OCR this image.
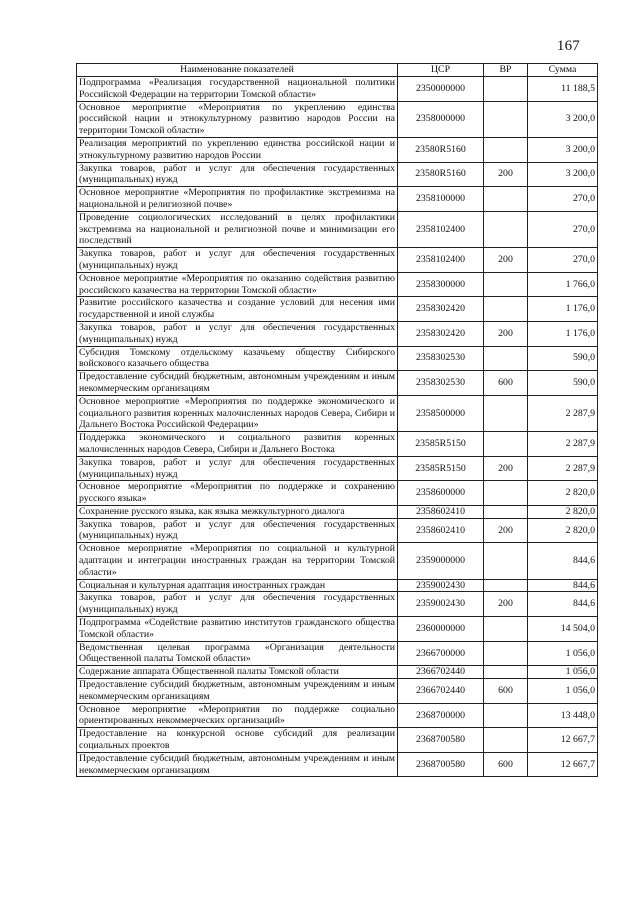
167
Наименование показателей	ЦСР	ВР	Сумма
Подпрограмма «Реализация государственной национальной политики Российской Федерации на территории Томской области»	2350000000		11 188,5
Основное мероприятие «Мероприятия по укреплению единства российской нации и этнокультурному развитию народов России на территории Томской области»	2358000000		3 200,0
Реализация мероприятий по укреплению единства российской нации и этнокультурному развитию народов России	23580R5160		3 200,0
Закупка товаров, работ и услуг для обеспечения государственных (муниципальных) нужд	23580R5160	200	3 200,0
Основное мероприятие «Мероприятия по профилактике экстремизма на национальной и религиозной почве»	2358100000		270,0
Проведение социологических исследований в целях профилактики экстремизма на национальной и религиозной почве и минимизации его последствий	2358102400		270,0
Закупка товаров, работ и услуг для обеспечения государственных (муниципальных) нужд	2358102400	200	270,0
Основное мероприятие «Мероприятия по оказанию содействия развитию российского казачества на территории Томской области»	2358300000		1 766,0
Развитие российского казачества и создание условий для несения ими государственной и иной службы	2358302420		1 176,0
Закупка товаров, работ и услуг для обеспечения государственных (муниципальных) нужд	2358302420	200	1 176,0
Субсидия Томскому отдельскому казачьему обществу Сибирского войскового казачьего общества	2358302530		590,0
Предоставление субсидий бюджетным, автономным учреждениям и иным некоммерческим организациям	2358302530	600	590,0
Основное мероприятие «Мероприятия по поддержке экономического и социального развития коренных малочисленных народов Севера, Сибири и Дальнего Востока Российской Федерации»	2358500000		2 287,9
Поддержка экономического и социального развития коренных малочисленных народов Севера, Сибири и Дальнего Востока	23585R5150		2 287,9
Закупка товаров, работ и услуг для обеспечения государственных (муниципальных) нужд	23585R5150	200	2 287,9
Основное мероприятие «Мероприятия по поддержке и сохранению русского языка»	2358600000		2 820,0
Сохранение русского языка, как языка межкультурного диалога	2358602410		2 820,0
Закупка товаров, работ и услуг для обеспечения государственных (муниципальных) нужд	2358602410	200	2 820,0
Основное мероприятие «Мероприятия по социальной и культурной адаптации и интеграции иностранных граждан на территории Томской области»	2359000000		844,6
Социальная и культурная адаптация иностранных граждан	2359002430		844,6
Закупка товаров, работ и услуг для обеспечения государственных (муниципальных) нужд	2359002430	200	844,6
Подпрограмма «Содействие развитию институтов гражданского общества Томской области»	2360000000		14 504,0
Ведомственная целевая программа «Организация деятельности Общественной палаты Томской области»	2366700000		1 056,0
Содержание аппарата Общественной палаты Томской области	2366702440		1 056,0
Предоставление субсидий бюджетным, автономным учреждениям и иным некоммерческим организациям	2366702440	600	1 056,0
Основное мероприятие «Мероприятия по поддержке социально ориентированных некоммерческих организаций»	2368700000		13 448,0
Предоставление на конкурсной основе субсидий для реализации социальных проектов	2368700580		12 667,7
Предоставление субсидий бюджетным, автономным учреждениям и иным некоммерческим организациям	2368700580	600	12 667,7
